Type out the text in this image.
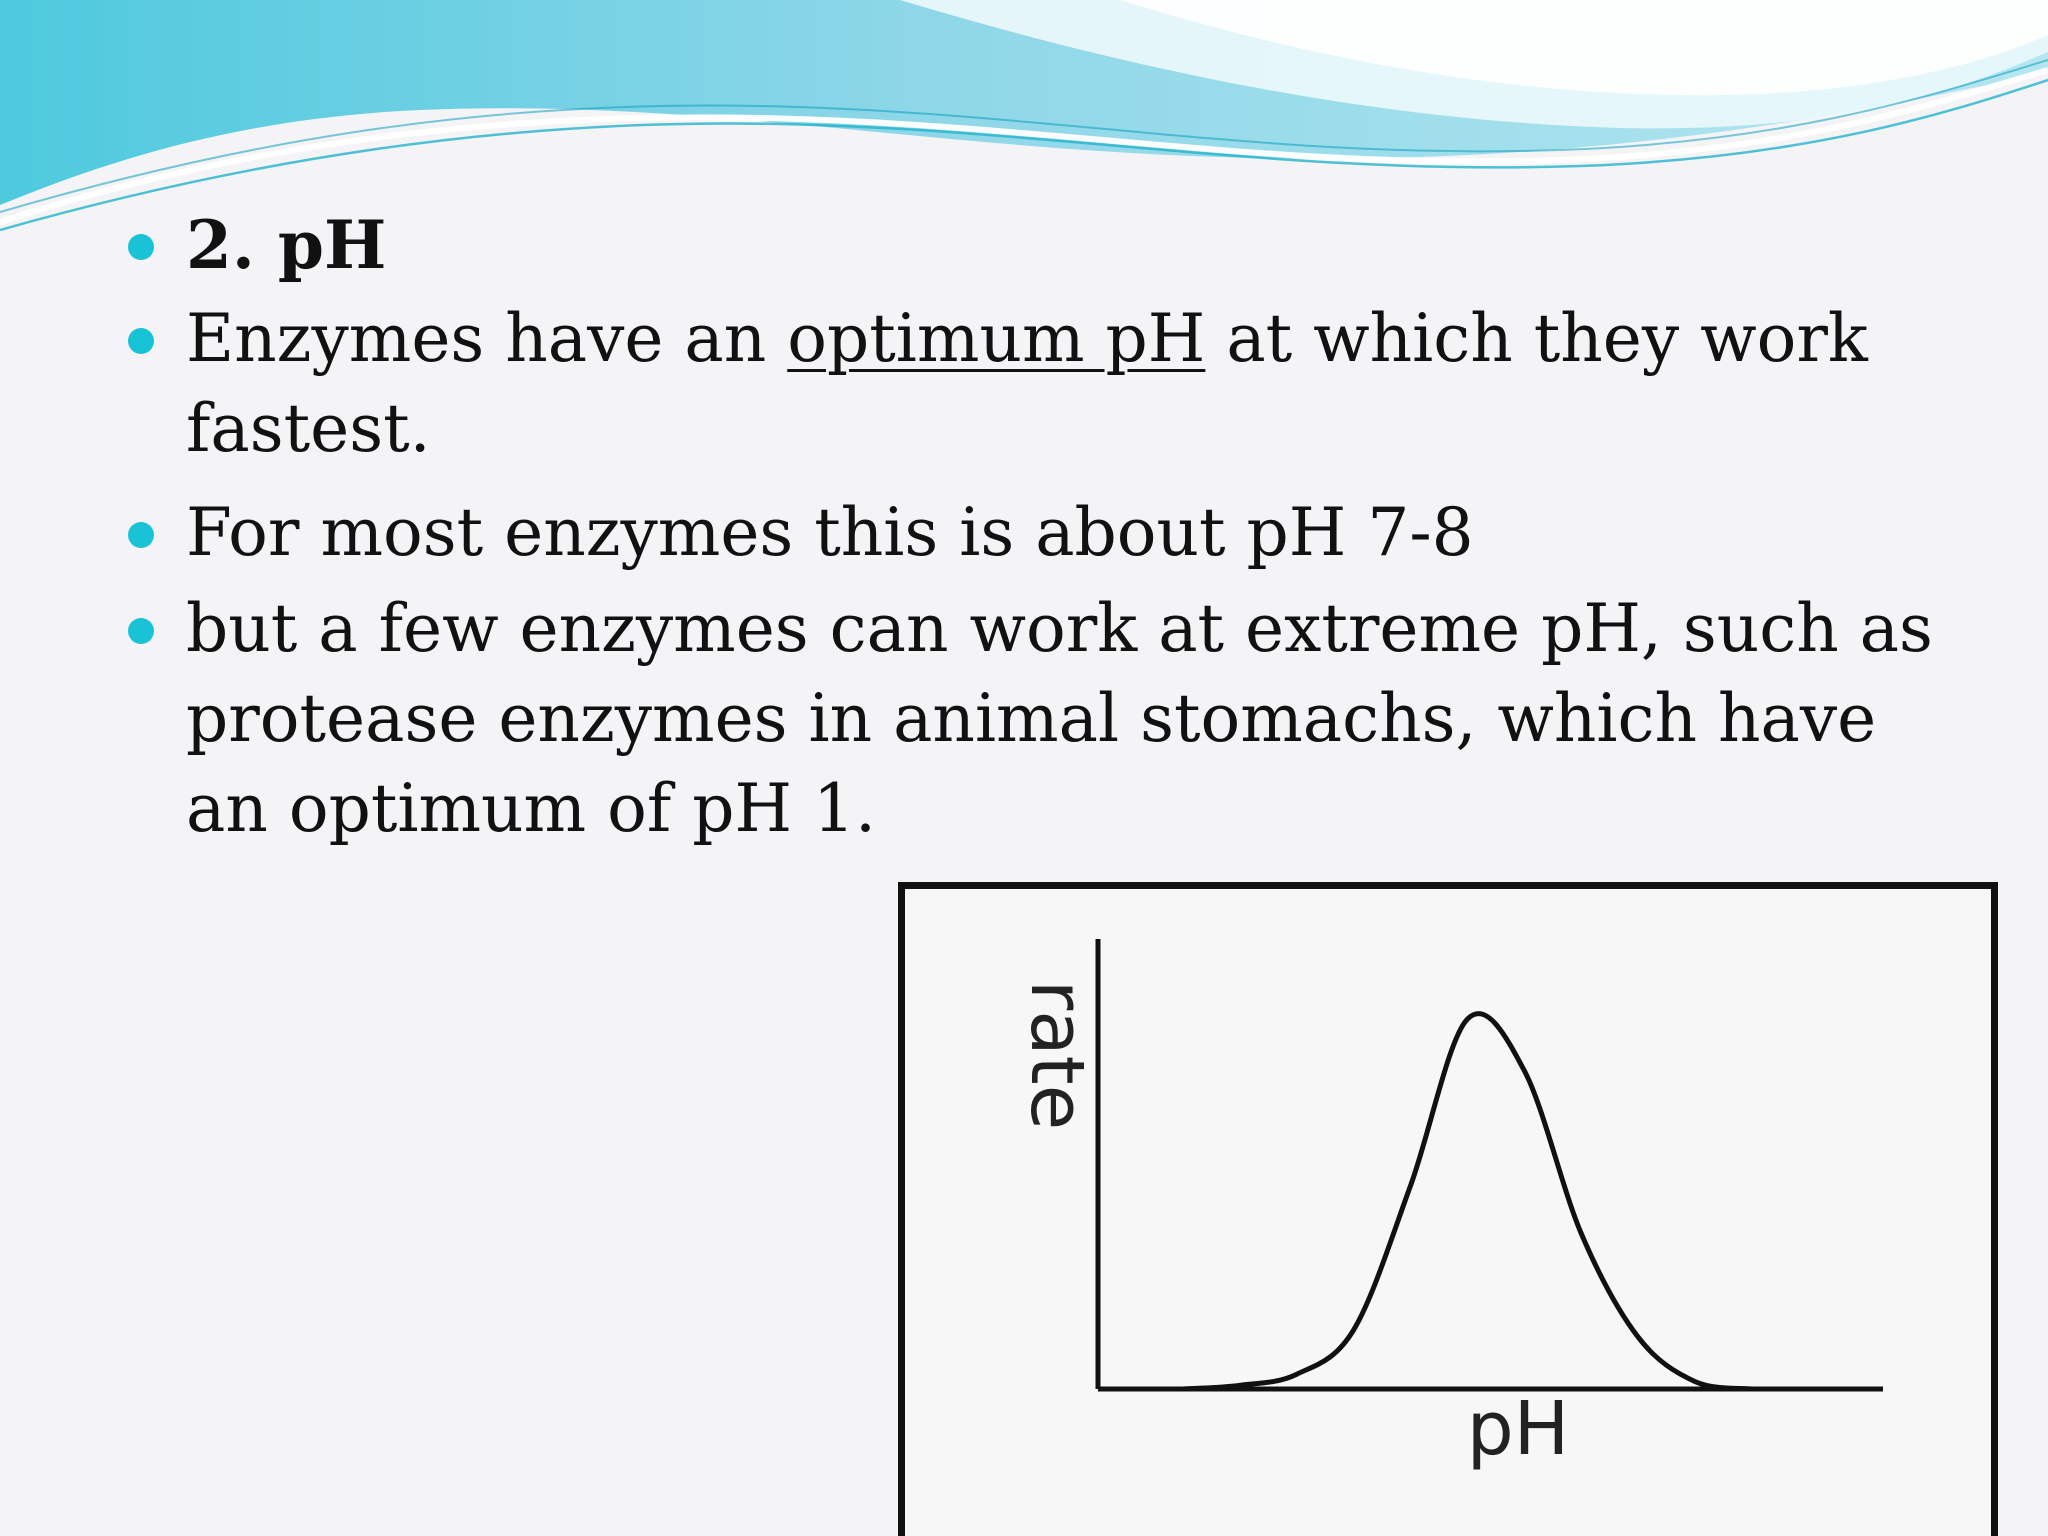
2. pH
Enzymes have an optimum pH at which they work fastest.
For most enzymes this is about pH 7-8
but a few enzymes can work at extreme pH, such as protease enzymes in animal stomachs, which have an optimum of pH 1.
rate
pH
